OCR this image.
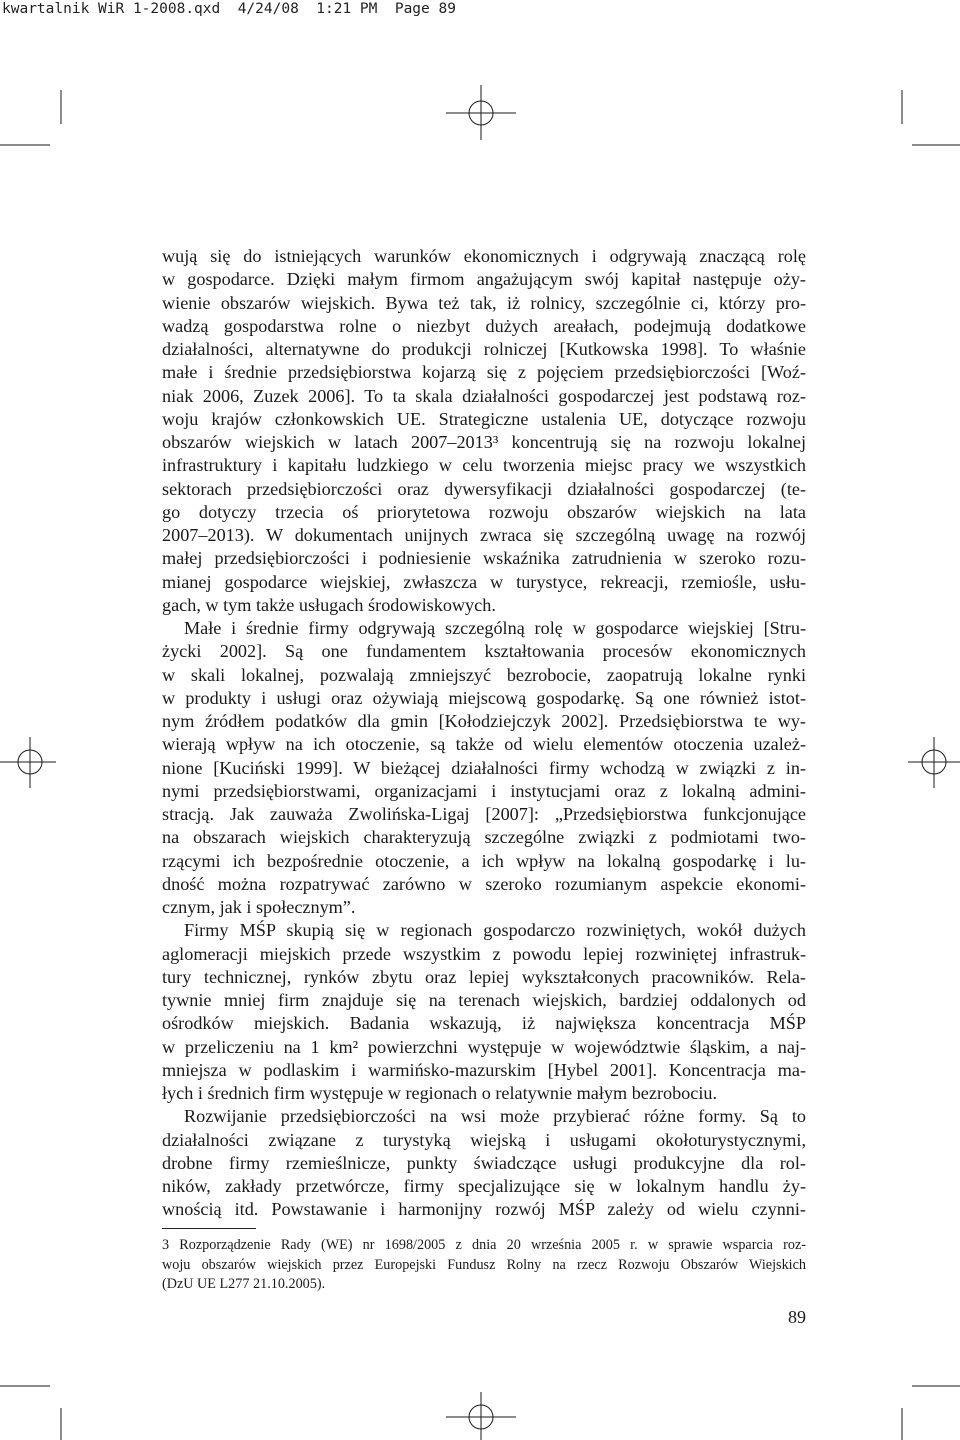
kwartalnik WiR 1-2008.qxd  4/24/08  1:21 PM  Page 89
wują się do istniejących warunków ekonomicznych i odgrywają znaczącą rolę
w gospodarce. Dzięki małym firmom angażującym swój kapitał następuje oży-
wienie obszarów wiejskich. Bywa też tak, iż rolnicy, szczególnie ci, którzy pro-
wadzą gospodarstwa rolne o niezbyt dużych areałach, podejmują dodatkowe
działalności, alternatywne do produkcji rolniczej [Kutkowska 1998]. To właśnie
małe i średnie przedsiębiorstwa kojarzą się z pojęciem przedsiębiorczości [Woź-
niak 2006, Zuzek 2006]. To ta skala działalności gospodarczej jest podstawą roz-
woju krajów członkowskich UE. Strategiczne ustalenia UE, dotyczące rozwoju
obszarów wiejskich w latach 2007–2013³ koncentrują się na rozwoju lokalnej
infrastruktury i kapitału ludzkiego w celu tworzenia miejsc pracy we wszystkich
sektorach przedsiębiorczości oraz dywersyfikacji działalności gospodarczej (te-
go dotyczy trzecia oś priorytetowa rozwoju obszarów wiejskich na lata
2007–2013). W dokumentach unijnych zwraca się szczególną uwagę na rozwój
małej przedsiębiorczości i podniesienie wskaźnika zatrudnienia w szeroko rozu-
mianej gospodarce wiejskiej, zwłaszcza w turystyce, rekreacji, rzemiośle, usłu-
gach, w tym także usługach środowiskowych.
Małe i średnie firmy odgrywają szczególną rolę w gospodarce wiejskiej [Stru-
życki 2002]. Są one fundamentem kształtowania procesów ekonomicznych
w skali lokalnej, pozwalają zmniejszyć bezrobocie, zaopatrują lokalne rynki
w produkty i usługi oraz ożywiają miejscową gospodarkę. Są one również istot-
nym źródłem podatków dla gmin [Kołodziejczyk 2002]. Przedsiębiorstwa te wy-
wierają wpływ na ich otoczenie, są także od wielu elementów otoczenia uzależ-
nione [Kuciński 1999]. W bieżącej działalności firmy wchodzą w związki z in-
nymi przedsiębiorstwami, organizacjami i instytucjami oraz z lokalną admini-
stracją. Jak zauważa Zwolińska-Ligaj [2007]: „Przedsiębiorstwa funkcjonujące
na obszarach wiejskich charakteryzują szczególne związki z podmiotami two-
rzącymi ich bezpośrednie otoczenie, a ich wpływ na lokalną gospodarkę i lu-
dność można rozpatrywać zarówno w szeroko rozumianym aspekcie ekonomi-
cznym, jak i społecznym”.
Firmy MŚP skupią się w regionach gospodarczo rozwiniętych, wokół dużych
aglomeracji miejskich przede wszystkim z powodu lepiej rozwiniętej infrastruk-
tury technicznej, rynków zbytu oraz lepiej wykształconych pracowników. Rela-
tywnie mniej firm znajduje się na terenach wiejskich, bardziej oddalonych od
ośrodków miejskich. Badania wskazują, iż największa koncentracja MŚP
w przeliczeniu na 1 km² powierzchni występuje w województwie śląskim, a naj-
mniejsza w podlaskim i warmińsko-mazurskim [Hybel 2001]. Koncentracja ma-
łych i średnich firm występuje w regionach o relatywnie małym bezrobociu.
Rozwijanie przedsiębiorczości na wsi może przybierać różne formy. Są to
działalności związane z turystyką wiejską i usługami okołoturystycznymi,
drobne firmy rzemieślnicze, punkty świadczące usługi produkcyjne dla rol-
ników, zakłady przetwórcze, firmy specjalizujące się w lokalnym handlu ży-
wnością itd. Powstawanie i harmonijny rozwój MŚP zależy od wielu czynni-
3 Rozporządzenie Rady (WE) nr 1698/2005 z dnia 20 września 2005 r. w sprawie wsparcia roz-
woju obszarów wiejskich przez Europejski Fundusz Rolny na rzecz Rozwoju Obszarów Wiejskich
(DzU UE L277 21.10.2005).
89
